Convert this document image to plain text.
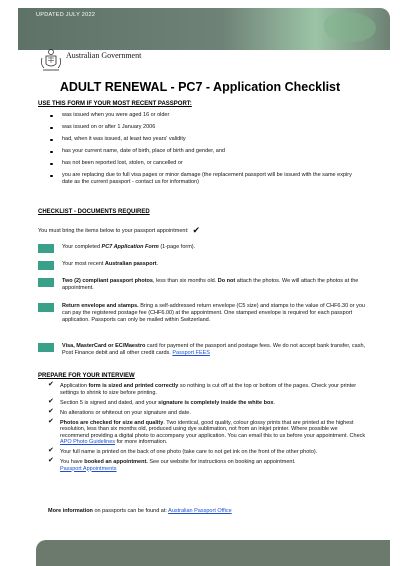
UPDATED JULY 2022
Australian Government
ADULT RENEWAL - PC7 - Application Checklist
USE THIS FORM IF YOUR MOST RECENT PASSPORT:
was issued when you were aged 16 or older
was issued on or after 1 January 2006
had, when it was issued, at least two years' validity
has your current name, date of birth, place of birth and gender, and
has not been reported lost, stolen, or cancelled or
you are replacing due to full visa pages or minor damage (the replacement passport will be issued with the same expiry date as the current passport - contact us for information)
CHECKLIST - DOCUMENTS REQUIRED
You must bring the items below to your passport appointment: ✔
Your completed PC7 Application Form (1-page form).
Your most recent Australian passport.
Two (2) compliant passport photos, less than six months old. Do not attach the photos. We will attach the photos at the appointment.
Return envelope and stamps. Bring a self-addressed return envelope (C5 size) and stamps to the value of CHF6.30 or you can pay the registered postage fee (CHF6.00) at the appointment. One stamped envelope is required for each passport application. Passports can only be mailed within Switzerland.
Visa, MasterCard or EC/Maestro card for payment of the passport and postage fees. We do not accept bank transfer, cash, Post Finance debit and all other credit cards. Passport FEES
PREPARE FOR YOUR INTERVIEW
✔ Application form is sized and printed correctly so nothing is cut off at the top or bottom of the pages. Check your printer settings to shrink to size before printing.
✔ Section 5 is signed and dated, and your signature is completely inside the white box.
✔ No alterations or whiteout on your signature and date.
✔ Photos are checked for size and quality. Two identical, good quality, colour glossy prints that are printed at the highest resolution, less than six months old, produced using dye sublimation, not from an inkjet printer. Where possible we recommend providing a digital photo to accompany your application. You can email this to us before your appointment. Check APO Photo Guidelines for more information.
✔ Your full name is printed on the back of one photo (take care to not get ink on the front of the other photo).
✔ You have booked an appointment. See our website for instructions on booking an appointment.
Passport Appointments
More information on passports can be found at: Australian Passport Office
